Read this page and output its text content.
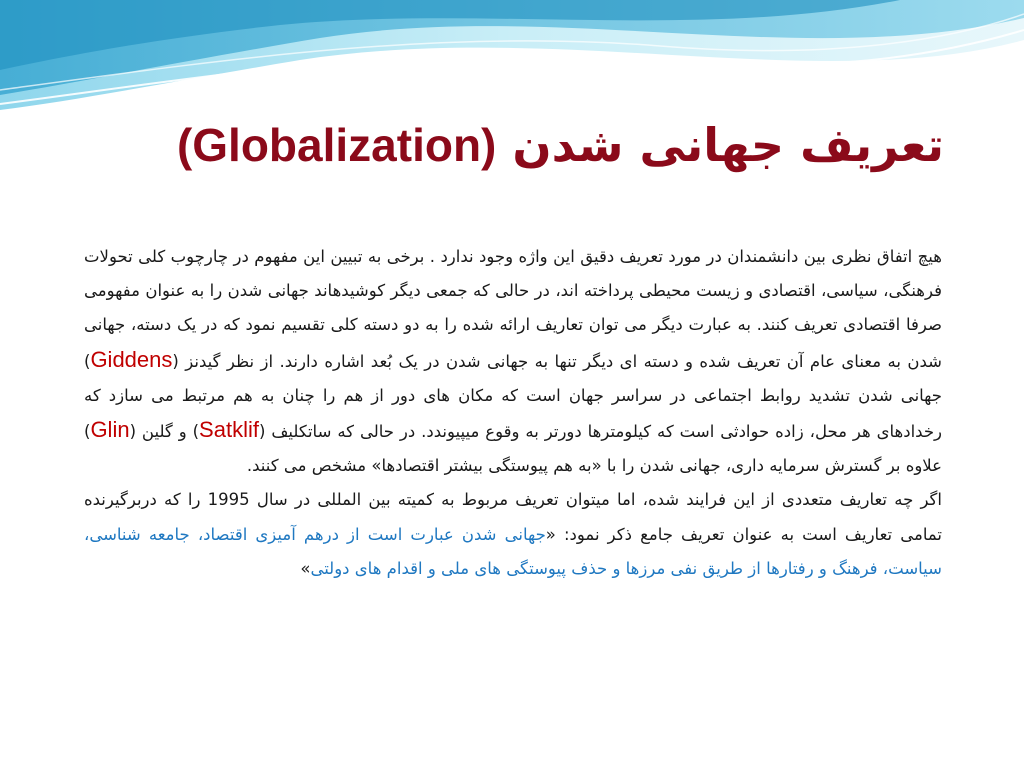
تعریف جهانی شدن (Globalization)

هیچ اتفاق نظری بین دانشمندان در مورد تعریف دقیق این واژه وجود ندارد . برخی به تبیین این مفهوم در چارچوب کلی تحولات فرهنگی، سیاسی، اقتصادی و زیست محیطی پرداخته اند، در حالی که جمعی دیگر کوشیدهاند جهانی شدن را به عنوان مفهومی صرفا اقتصادی تعریف کنند. به عبارت دیگر می توان تعاریف ارائه شده را به دو دسته کلی تقسیم نمود که در یک دسته، جهانی شدن به معنای عام آن تعریف شده و دسته ای دیگر تنها به جهانی شدن در یک بُعد اشاره دارند. از نظر گیدنز (Giddens) جهانی شدن تشدید روابط اجتماعی در سراسر جهان است که مکان های دور از هم را چنان به هم مرتبط می سازد که رخدادهای هر محل، زاده حوادثی است که کیلومترها دورتر به وقوع میپیوندد. در حالی که ساتکلیف (Satklif) و گلین (Glin) علاوه بر گسترش سرمایه داری، جهانی شدن را با «به هم پیوستگی بیشتر اقتصادها» مشخص می کنند.

اگر چه تعاریف متعددی از این فرایند شده، اما میتوان تعریف مربوط به کمیته بین المللی در سال 1995 را که دربرگیرنده تمامی تعاریف است به عنوان تعریف جامع ذکر نمود: «جهانی شدن عبارت است از درهم آمیزی اقتصاد، جامعه شناسی، سیاست، فرهنگ و رفتارها از طریق نفی مرزها و حذف پیوستگی های ملی و اقدام های دولتی»
